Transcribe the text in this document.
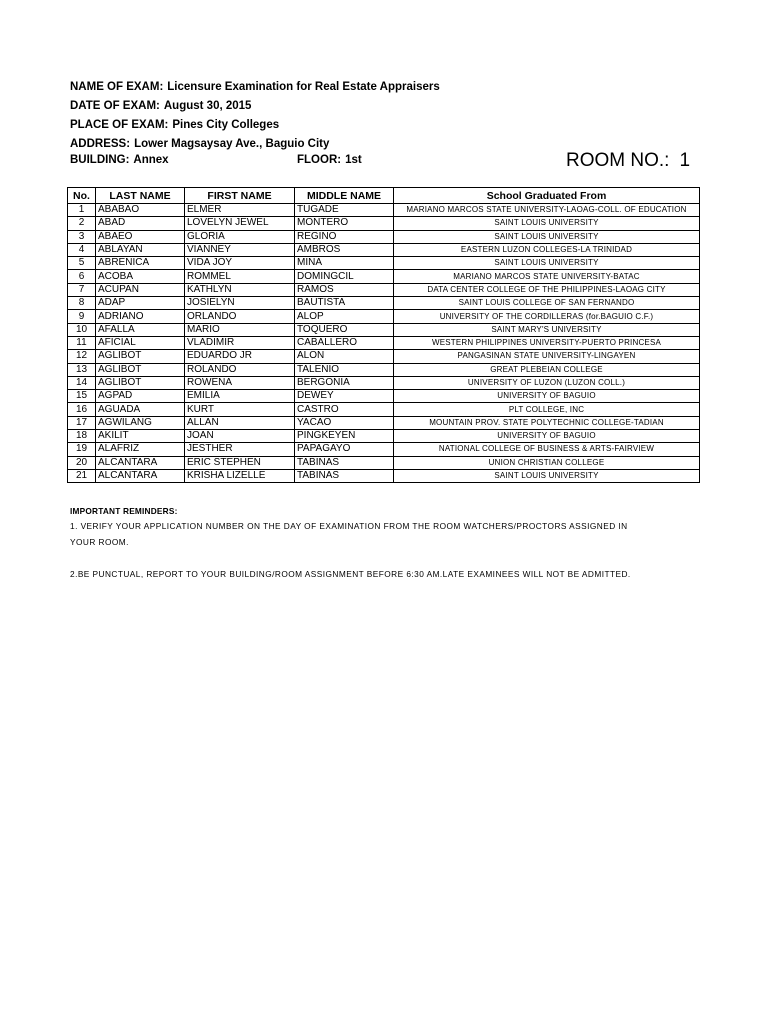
NAME OF EXAM: Licensure Examination for Real Estate Appraisers
DATE OF EXAM: August 30, 2015
PLACE OF EXAM: Pines City Colleges
ADDRESS: Lower Magsaysay Ave., Baguio City
BUILDING: Annex	FLOOR: 1st	ROOM NO.: 1
No.	LAST NAME	FIRST NAME	MIDDLE NAME	School Graduated From
1	ABABAO	ELMER	TUGADE	MARIANO MARCOS STATE UNIVERSITY-LAOAG-COLL. OF EDUCATION
2	ABAD	LOVELYN JEWEL	MONTERO	SAINT LOUIS UNIVERSITY
3	ABAEO	GLORIA	REGINO	SAINT LOUIS UNIVERSITY
4	ABLAYAN	VIANNEY	AMBROS	EASTERN LUZON COLLEGES-LA TRINIDAD
5	ABRENICA	VIDA JOY	MINA	SAINT LOUIS UNIVERSITY
6	ACOBA	ROMMEL	DOMINGCIL	MARIANO MARCOS STATE UNIVERSITY-BATAC
7	ACUPAN	KATHLYN	RAMOS	DATA CENTER COLLEGE OF THE PHILIPPINES-LAOAG CITY
8	ADAP	JOSIELYN	BAUTISTA	SAINT LOUIS COLLEGE OF SAN FERNANDO
9	ADRIANO	ORLANDO	ALOP	UNIVERSITY OF THE CORDILLERAS (for.BAGUIO C.F.)
10	AFALLA	MARIO	TOQUERO	SAINT MARY'S UNIVERSITY
11	AFICIAL	VLADIMIR	CABALLERO	WESTERN PHILIPPINES UNIVERSITY-PUERTO PRINCESA
12	AGLIBOT	EDUARDO JR	ALON	PANGASINAN STATE UNIVERSITY-LINGAYEN
13	AGLIBOT	ROLANDO	TALENIO	GREAT PLEBEIAN COLLEGE
14	AGLIBOT	ROWENA	BERGONIA	UNIVERSITY OF LUZON (LUZON COLL.)
15	AGPAD	EMILIA	DEWEY	UNIVERSITY OF BAGUIO
16	AGUADA	KURT	CASTRO	PLT COLLEGE, INC
17	AGWILANG	ALLAN	YACAO	MOUNTAIN PROV. STATE POLYTECHNIC COLLEGE-TADIAN
18	AKILIT	JOAN	PINGKEYEN	UNIVERSITY OF BAGUIO
19	ALAFRIZ	JESTHER	PAPAGAYO	NATIONAL COLLEGE OF BUSINESS & ARTS-FAIRVIEW
20	ALCANTARA	ERIC STEPHEN	TABINAS	UNION CHRISTIAN COLLEGE
21	ALCANTARA	KRISHA LIZELLE	TABINAS	SAINT LOUIS UNIVERSITY
IMPORTANT REMINDERS:
1. VERIFY YOUR APPLICATION NUMBER ON THE DAY OF EXAMINATION FROM THE ROOM WATCHERS/PROCTORS ASSIGNED IN
YOUR ROOM.
2.BE PUNCTUAL, REPORT TO YOUR BUILDING/ROOM ASSIGNMENT BEFORE 6:30 AM.LATE EXAMINEES WILL NOT BE ADMITTED.
